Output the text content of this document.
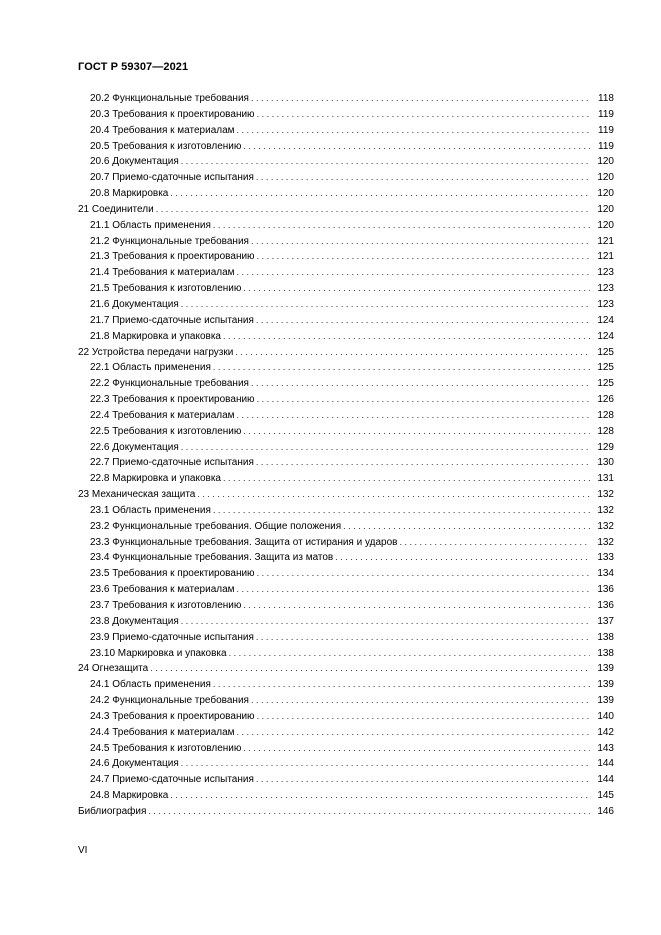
ГОСТ Р 59307—2021
20.2 Функциональные требования . . .	118
20.3 Требования к проектированию . . .	119
20.4 Требования к материалам . . .	119
20.5 Требования к изготовлению . . .	119
20.6 Документация . . .	120
20.7 Приемо-сдаточные испытания . . .	120
20.8 Маркировка . . .	120
21 Соединители . . .	120
21.1 Область применения . . .	120
21.2 Функциональные требования . . .	121
21.3 Требования к проектированию . . .	121
21.4 Требования к материалам . . .	123
21.5 Требования к изготовлению . . .	123
21.6 Документация . . .	123
21.7 Приемо-сдаточные испытания . . .	124
21.8 Маркировка и упаковка . . .	124
22 Устройства передачи нагрузки . . .	125
22.1 Область применения . . .	125
22.2 Функциональные требования . . .	125
22.3 Требования к проектированию . . .	126
22.4 Требования к материалам . . .	128
22.5 Требования к изготовлению . . .	128
22.6 Документация . . .	129
22.7 Приемо-сдаточные испытания . . .	130
22.8 Маркировка и упаковка . . .	131
23 Механическая защита . . .	132
23.1 Область применения . . .	132
23.2 Функциональные требования. Общие положения . . .	132
23.3 Функциональные требования. Защита от истирания и ударов . . .	132
23.4 Функциональные требования. Защита из матов . . .	133
23.5 Требования к проектированию . . .	134
23.6 Требования к материалам . . .	136
23.7 Требования к изготовлению . . .	136
23.8 Документация . . .	137
23.9 Приемо-сдаточные испытания . . .	138
23.10 Маркировка и упаковка . . .	138
24 Огнезащита . . .	139
24.1 Область применения . . .	139
24.2 Функциональные требования . . .	139
24.3 Требования к проектированию . . .	140
24.4 Требования к материалам . . .	142
24.5 Требования к изготовлению . . .	143
24.6 Документация . . .	144
24.7 Приемо-сдаточные испытания . . .	144
24.8 Маркировка . . .	145
Библиография . . .	146
VI
